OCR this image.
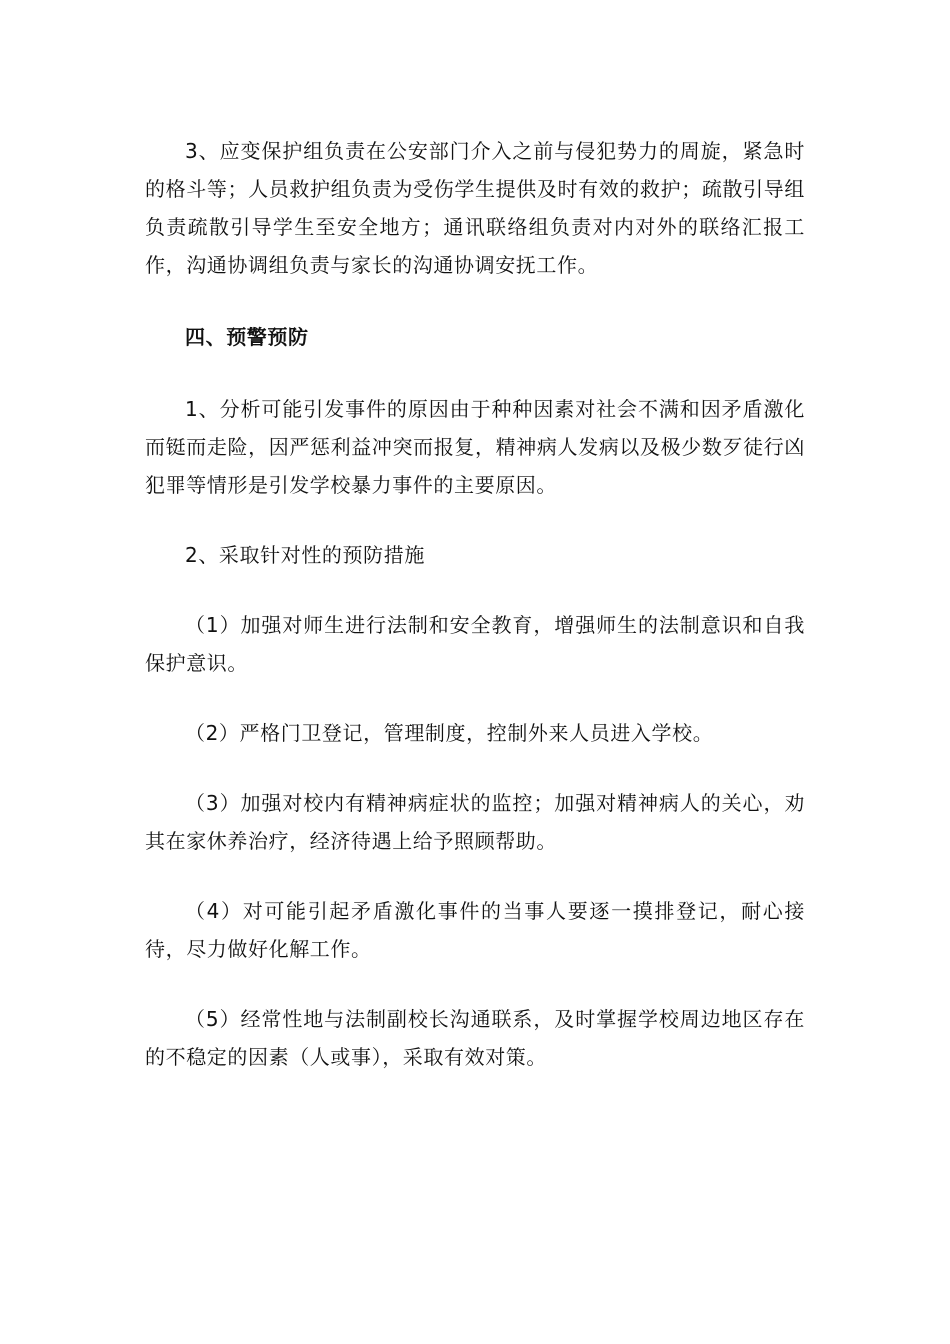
3、应变保护组负责在公安部门介入之前与侵犯势力的周旋，紧急时的格斗等；人员救护组负责为受伤学生提供及时有效的救护；疏散引导组负责疏散引导学生至安全地方；通讯联络组负责对内对外的联络汇报工作，沟通协调组负责与家长的沟通协调安抚工作。

四、预警预防

1、分析可能引发事件的原因由于种种因素对社会不满和因矛盾激化而铤而走险，因严惩利益冲突而报复，精神病人发病以及极少数歹徒行凶犯罪等情形是引发学校暴力事件的主要原因。

2、采取针对性的预防措施

（1）加强对师生进行法制和安全教育，增强师生的法制意识和自我保护意识。

（2）严格门卫登记，管理制度，控制外来人员进入学校。

（3）加强对校内有精神病症状的监控；加强对精神病人的关心，劝其在家休养治疗，经济待遇上给予照顾帮助。

（4）对可能引起矛盾激化事件的当事人要逐一摸排登记，耐心接待，尽力做好化解工作。

（5）经常性地与法制副校长沟通联系，及时掌握学校周边地区存在的不稳定的因素（人或事），采取有效对策。
